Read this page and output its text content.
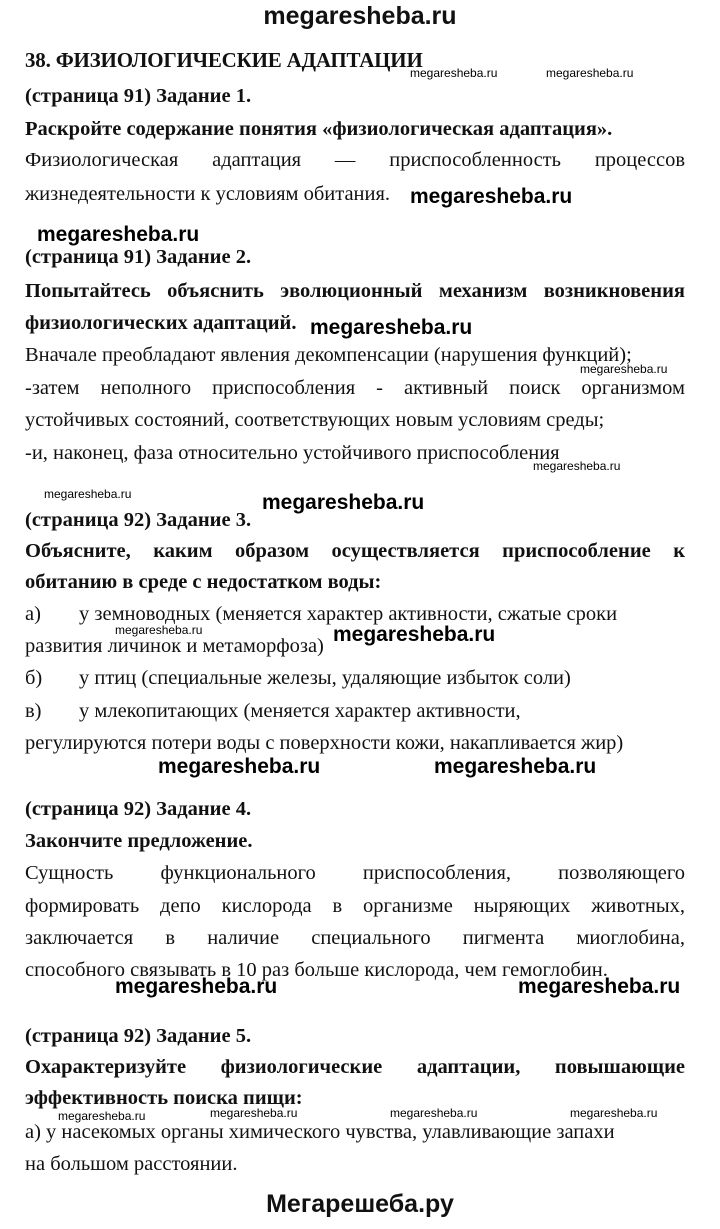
megaresheba.ru
38. ФИЗИОЛОГИЧЕСКИЕ АДАПТАЦИИ
(страница 91) Задание 1.
Раскройте содержание понятия «физиологическая адаптация».
Физиологическая адаптация — приспособленность процессов
жизнедеятельности к условиям обитания.
(страница 91) Задание 2.
Попытайтесь объяснить эволюционный механизм возникновения
физиологических адаптаций.
Вначале преобладают явления декомпенсации (нарушения функций);
-затем неполного приспособления - активный поиск организмом
устойчивых состояний, соответствующих новым условиям среды;
-и, наконец, фаза относительно устойчивого приспособления
(страница 92) Задание 3.
Объясните, каким образом осуществляется приспособление к
обитанию в среде с недостатком воды:
а) у земноводных (меняется характер активности, сжатые сроки
развития личинок и метаморфоза)
б) у птиц (специальные железы, удаляющие избыток соли)
в) у млекопитающих (меняется характер активности,
регулируются потери воды с поверхности кожи, накапливается жир)
(страница 92) Задание 4.
Закончите предложение.
Сущность функционального приспособления, позволяющего
формировать депо кислорода в организме ныряющих животных,
заключается в наличие специального пигмента миоглобина,
способного связывать в 10 раз больше кислорода, чем гемоглобин.
(страница 92) Задание 5.
Охарактеризуйте физиологические адаптации, повышающие
эффективность поиска пищи:
а) у насекомых органы химического чувства, улавливающие запахи
на большом расстоянии.
megaresheba.ru
megaresheba.ru
megaresheba.ru
megaresheba.ru
megaresheba.ru
megaresheba.ru	megaresheba.ru
megaresheba.ru	megaresheba.ru
megaresheba.ru	megaresheba.ru
megaresheba.ru
megaresheba.ru
megaresheba.ru
megaresheba.ru
megaresheba.ru	megaresheba.ru	megaresheba.ru	megaresheba.ru
Мегарешеба.ру
